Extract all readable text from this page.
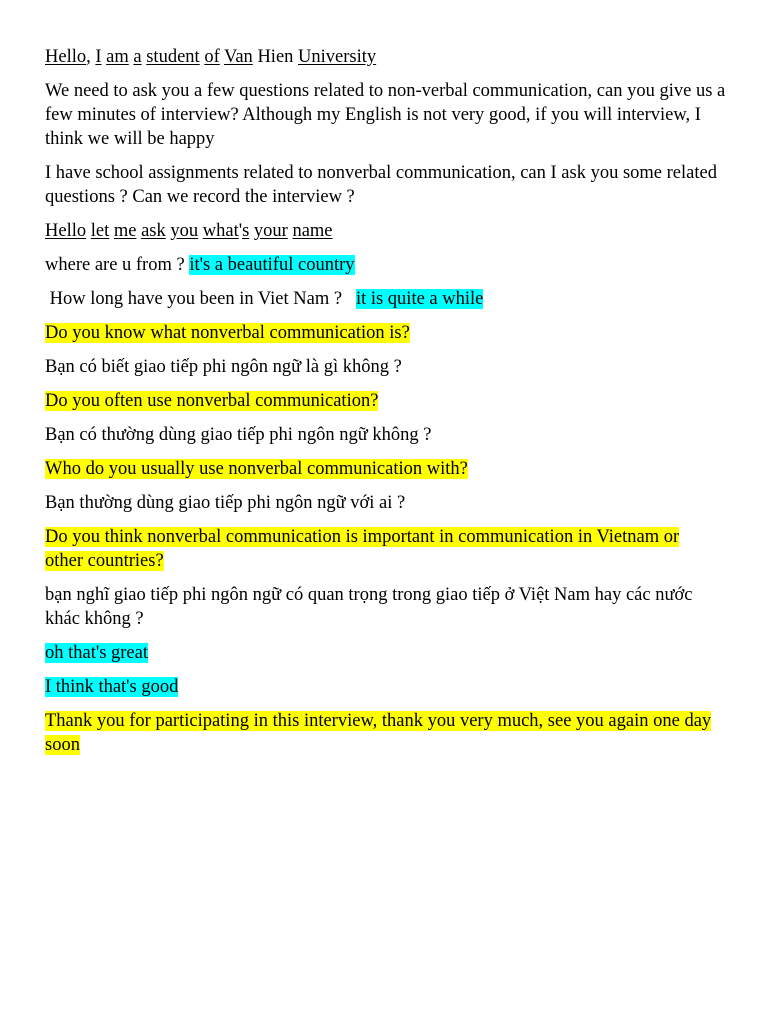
Hello, I am a student of Van Hien University

We need to ask you a few questions related to non-verbal communication, can you give us a few minutes of interview? Although my English is not very good, if you will interview, I think we will be happy

I have school assignments related to nonverbal communication, can I ask you some related questions ? Can we record the interview ?

Hello let me ask you what's your name

where are u from ? it's a beautiful country

How long have you been in Viet Nam ? it is quite a while

Do you know what nonverbal communication is?

Bạn có biết giao tiếp phi ngôn ngữ là gì không ?

Do you often use nonverbal communication?

Bạn có thường dùng giao tiếp phi ngôn ngữ không ?

Who do you usually use nonverbal communication with?

Bạn thường dùng giao tiếp phi ngôn ngữ với ai ?

Do you think nonverbal communication is important in communication in Vietnam or
other countries?

bạn nghĩ giao tiếp phi ngôn ngữ có quan trọng trong giao tiếp ở Việt Nam hay các nước khác không ?

oh that's great

I think that's good

Thank you for participating in this interview, thank you very much, see you again one day
soon
